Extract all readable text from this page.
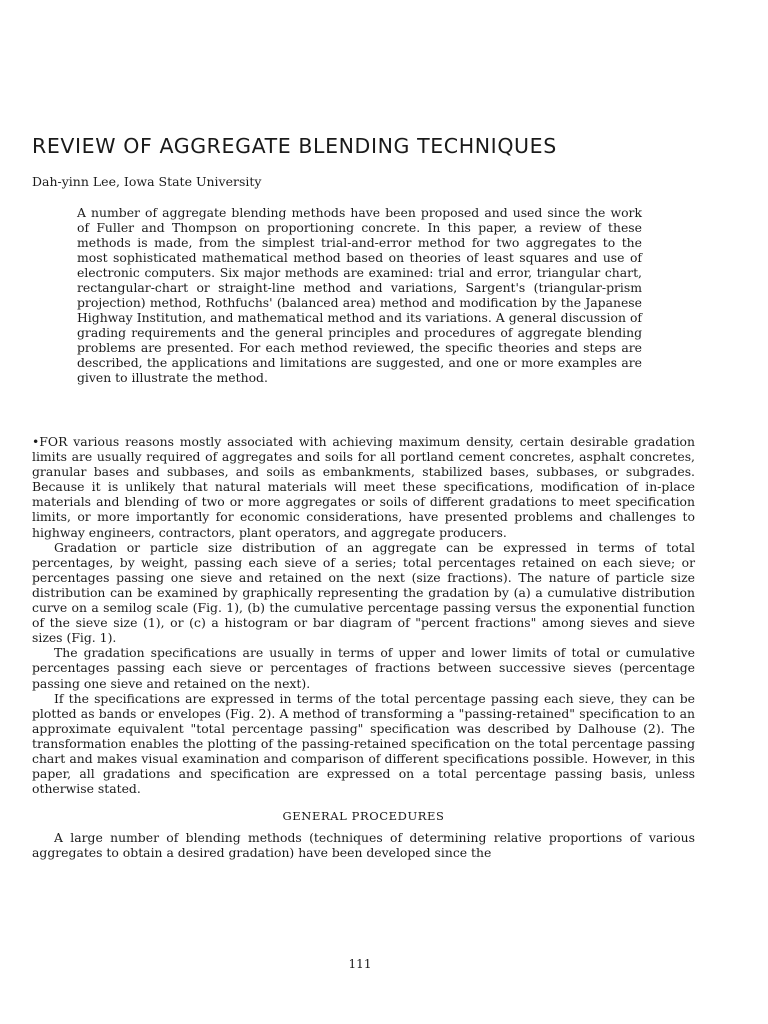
REVIEW OF AGGREGATE BLENDING TECHNIQUES

Dah-yinn Lee, Iowa State University

A number of aggregate blending methods have been proposed and used since the work of Fuller and Thompson on proportioning concrete. In this paper, a review of these methods is made, from the simplest trial-and-error method for two aggregates to the most sophisticated mathematical method based on theories of least squares and use of electronic computers. Six major methods are examined: trial and error, triangular chart, rectangular-chart or straight-line method and variations, Sargent's (triangular-prism projection) method, Rothfuchs' (balanced area) method and modification by the Japanese Highway Institution, and mathematical method and its variations. A general discussion of grading requirements and the general principles and procedures of aggregate blending problems are presented. For each method reviewed, the specific theories and steps are described, the applications and limitations are suggested, and one or more examples are given to illustrate the method.

•FOR various reasons mostly associated with achieving maximum density, certain desirable gradation limits are usually required of aggregates and soils for all portland cement concretes, asphalt concretes, granular bases and subbases, and soils as embankments, stabilized bases, subbases, or subgrades. Because it is unlikely that natural materials will meet these specifications, modification of in-place materials and blending of two or more aggregates or soils of different gradations to meet specification limits, or more importantly for economic considerations, have presented problems and challenges to highway engineers, contractors, plant operators, and aggregate producers.

Gradation or particle size distribution of an aggregate can be expressed in terms of total percentages, by weight, passing each sieve of a series; total percentages retained on each sieve; or percentages passing one sieve and retained on the next (size fractions). The nature of particle size distribution can be examined by graphically representing the gradation by (a) a cumulative distribution curve on a semilog scale (Fig. 1), (b) the cumulative percentage passing versus the exponential function of the sieve size (1), or (c) a histogram or bar diagram of "percent fractions" among sieves and sieve sizes (Fig. 1).

The gradation specifications are usually in terms of upper and lower limits of total or cumulative percentages passing each sieve or percentages of fractions between successive sieves (percentage passing one sieve and retained on the next).

If the specifications are expressed in terms of the total percentage passing each sieve, they can be plotted as bands or envelopes (Fig. 2). A method of transforming a "passing-retained" specification to an approximate equivalent "total percentage passing" specification was described by Dalhouse (2). The transformation enables the plotting of the passing-retained specification on the total percentage passing chart and makes visual examination and comparison of different specifications possible. However, in this paper, all gradations and specification are expressed on a total percentage passing basis, unless otherwise stated.

GENERAL PROCEDURES

A large number of blending methods (techniques of determining relative proportions of various aggregates to obtain a desired gradation) have been developed since the

111
